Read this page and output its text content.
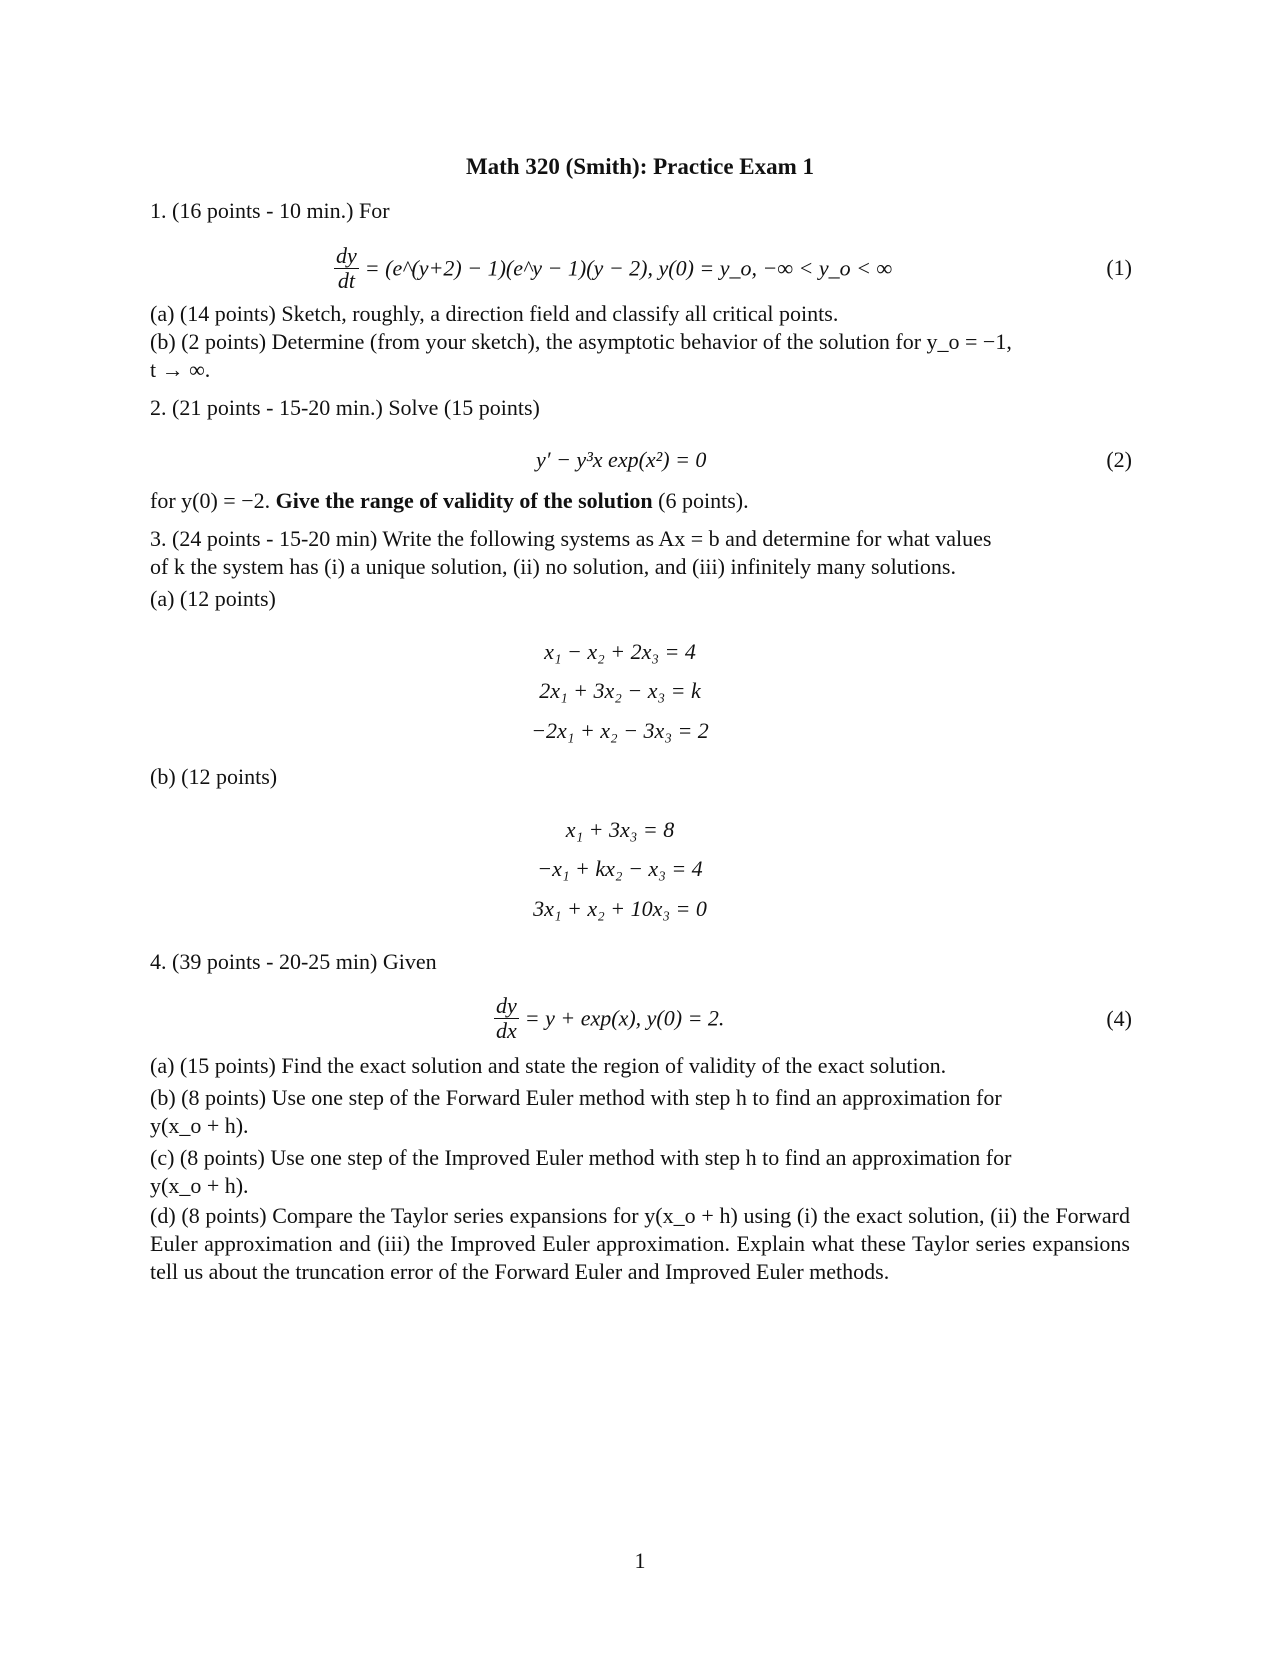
Math 320 (Smith): Practice Exam 1
1. (16 points - 10 min.) For
$\frac{dy}{dt}$ = (e^(y+2) − 1)(e^y − 1)(y − 2), y(0) = y_o, −∞ < y_o < ∞	(1)
(a) (14 points) Sketch, roughly, a direction field and classify all critical points.
(b) (2 points) Determine (from your sketch), the asymptotic behavior of the solution for y_o = −1,
t → ∞.
2. (21 points - 15-20 min.) Solve (15 points)
y′ − y³x exp(x²) = 0	(2)
for y(0) = −2. Give the range of validity of the solution (6 points).
3. (24 points - 15-20 min) Write the following systems as Ax = b and determine for what values
of k the system has (i) a unique solution, (ii) no solution, and (iii) infinitely many solutions.
(a) (12 points)
x₁ − x₂ + 2x₃ = 4
2x₁ + 3x₂ − x₃ = k
−2x₁ + x₂ − 3x₃ = 2
(b) (12 points)
x₁ + 3x₃ = 8
−x₁ + kx₂ − x₃ = 4
3x₁ + x₂ + 10x₃ = 0
4. (39 points - 20-25 min) Given
$\frac{dy}{dx} = y + \exp(x)$, y(0) = 2.	(4)
(a) (15 points) Find the exact solution and state the region of validity of the exact solution.
(b) (8 points) Use one step of the Forward Euler method with step h to find an approximation for
y(x_o + h).
(c) (8 points) Use one step of the Improved Euler method with step h to find an approximation for
y(x_o + h).
(d) (8 points) Compare the Taylor series expansions for y(x_o + h) using (i) the exact solution, (ii) the Forward Euler approximation and (iii) the Improved Euler approximation. Explain what these Taylor series expansions tell us about the truncation error of the Forward Euler and Improved Euler methods.
1
